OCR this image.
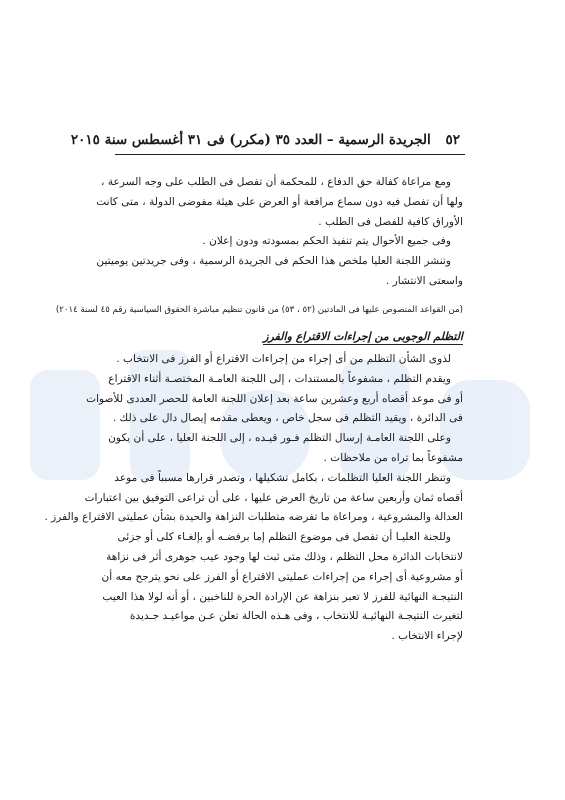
٥٢ الجريدة الرسمية – العدد ٣٥ (مكرر) فى ٣١ أغسطس سنة ٢٠١٥
ومع مراعاة كفالة حق الدفاع ، للمحكمة أن تفصل فى الطلب على وجه السرعة ،
ولها أن تفصل فيه دون سماع مرافعة أو العرض على هيئة مفوضى الدولة ، متى كانت
الأوراق كافية للفصل فى الطلب .
وفى جميع الأحوال يتم تنفيذ الحكم بمسودته ودون إعلان .
وتنشر اللجنة العليا ملخص هذا الحكم فى الجريدة الرسمية ، وفى جريدتين يوميتين
واسعتى الانتشار .
(من القواعد المنصوص عليها فى المادتين (٥٢ ، ٥٣) من قانون تنظيم مباشرة الحقوق السياسية رقم ٤٥ لسنة ٢٠١٤)
التظلم الوجوبى من إجراءات الاقتراع والفرز
لذوى الشأن التظلم من أى إجراء من إجراءات الاقتراع أو الفرز فى الانتخاب .
ويقدم التظلم ، مشفوعاً بالمستندات ، إلى اللجنة العامـة المختصـة أثناء الاقتراع
أو فى موعد أقصاه أربع وعشرين ساعة بعد إعلان اللجنة العامة للحصر العددى للأصوات
فى الدائرة ، ويقيد التظلم فى سجل خاص ، ويعطى مقدمه إيصال دال على ذلك .
وعلى اللجنة العامـة إرسال التظلم فـور قيـده ، إلى اللجنة العليا ، على أن يكون
مشفوعاً بما تراه من ملاحظات .
وتنظر اللجنة العليا التظلمات ، بكامل تشكيلها ، وتصدر قرارها مسبباً فى موعد
أقصاه ثمان وأربعين ساعة من تاريخ العرض عليها ، على أن تراعى التوفيق بين اعتبارات
العدالة والمشروعية ، ومراعاة ما تفرضه متطلبات النزاهة والحيدة بشأن عمليتى الاقتراع والفرز .
وللجنة العليـا أن تفصل فى موضوع التظلم إما برفضـه أو بإلغـاء كلى أو جزئى
لانتخابات الدائرة محل التظلم ، وذلك متى ثبت لها وجود عيب جوهرى أثر فى نزاهة
أو مشروعية أى إجراء من إجراءات عمليتى الاقتراع أو الفرز على نحو يترجح معه أن
النتيجـة النهائية للفرز لا تعبر بنزاهة عن الإرادة الحرة للناخبين ، أو أنه لولا هذا العيب
لتغيرت النتيجـة النهائيـة للانتخاب ، وفى هـذه الحالة تعلن عـن مواعيـد جـديدة
لإجراء الانتخاب .
